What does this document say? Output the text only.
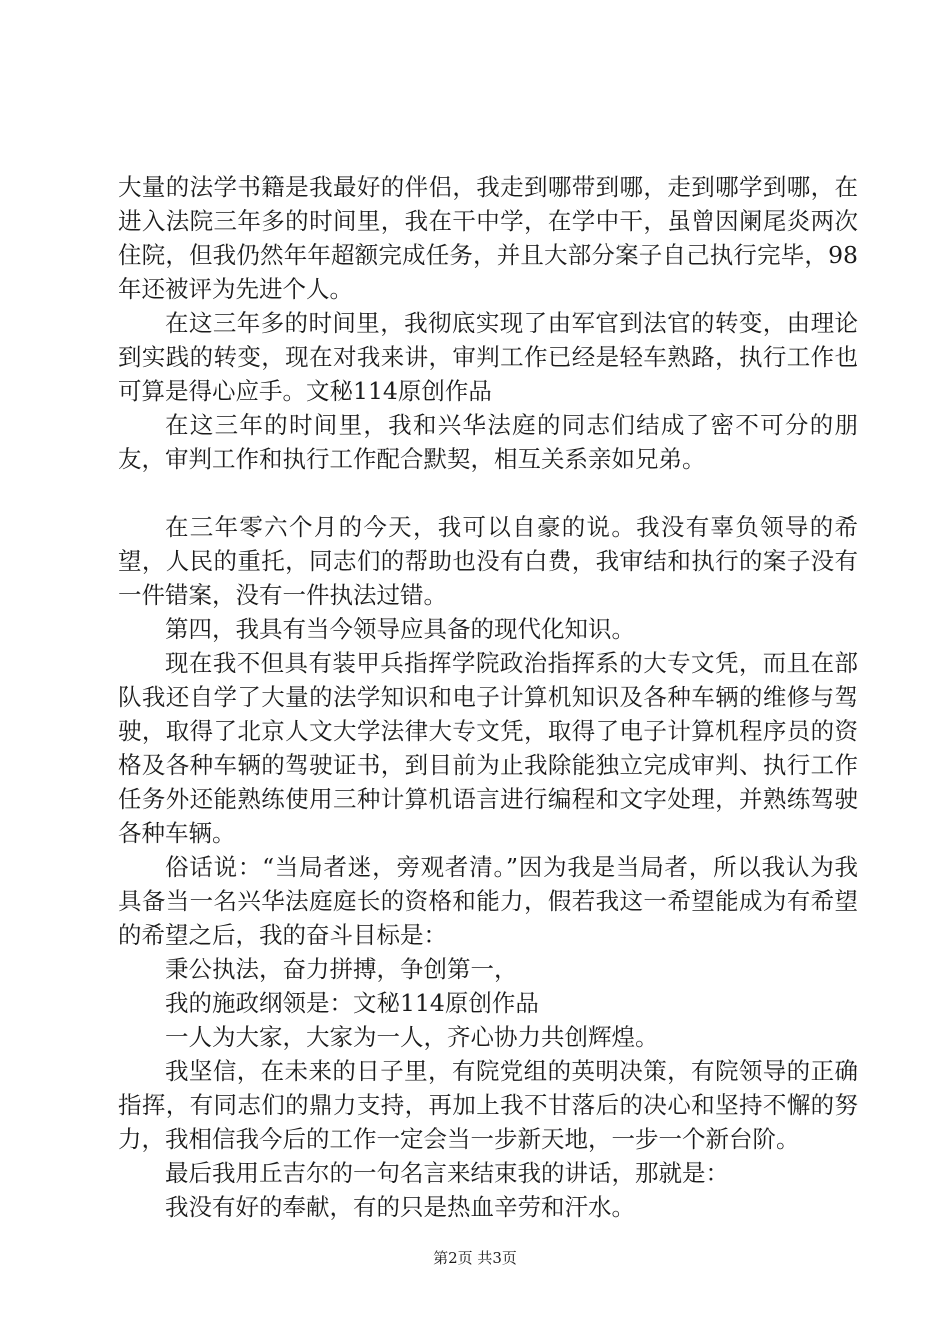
大量的法学书籍是我最好的伴侣，我走到哪带到哪，走到哪学到哪，在进入法院三年多的时间里，我在干中学，在学中干，虽曾因阑尾炎两次住院，但我仍然年年超额完成任务，并且大部分案子自己执行完毕，98年还被评为先进个人。

在这三年多的时间里，我彻底实现了由军官到法官的转变，由理论到实践的转变，现在对我来讲，审判工作已经是轻车熟路，执行工作也可算是得心应手。文秘114原创作品

在这三年的时间里，我和兴华法庭的同志们结成了密不可分的朋友，审判工作和执行工作配合默契，相互关系亲如兄弟。

在三年零六个月的今天，我可以自豪的说。我没有辜负领导的希望，人民的重托，同志们的帮助也没有白费，我审结和执行的案子没有一件错案，没有一件执法过错。

第四，我具有当今领导应具备的现代化知识。

现在我不但具有装甲兵指挥学院政治指挥系的大专文凭，而且在部队我还自学了大量的法学知识和电子计算机知识及各种车辆的维修与驾驶，取得了北京人文大学法律大专文凭，取得了电子计算机程序员的资格及各种车辆的驾驶证书，到目前为止我除能独立完成审判、执行工作任务外还能熟练使用三种计算机语言进行编程和文字处理，并熟练驾驶各种车辆。

俗话说：“当局者迷，旁观者清。”因为我是当局者，所以我认为我具备当一名兴华法庭庭长的资格和能力，假若我这一希望能成为有希望的希望之后，我的奋斗目标是：

秉公执法，奋力拼搏，争创第一，

我的施政纲领是：文秘114原创作品

一人为大家，大家为一人，齐心协力共创辉煌。

我坚信，在未来的日子里，有院党组的英明决策，有院领导的正确指挥，有同志们的鼎力支持，再加上我不甘落后的决心和坚持不懈的努力，我相信我今后的工作一定会当一步新天地，一步一个新台阶。

最后我用丘吉尔的一句名言来结束我的讲话，那就是：

我没有好的奉献，有的只是热血辛劳和汗水。

第2页 共3页
